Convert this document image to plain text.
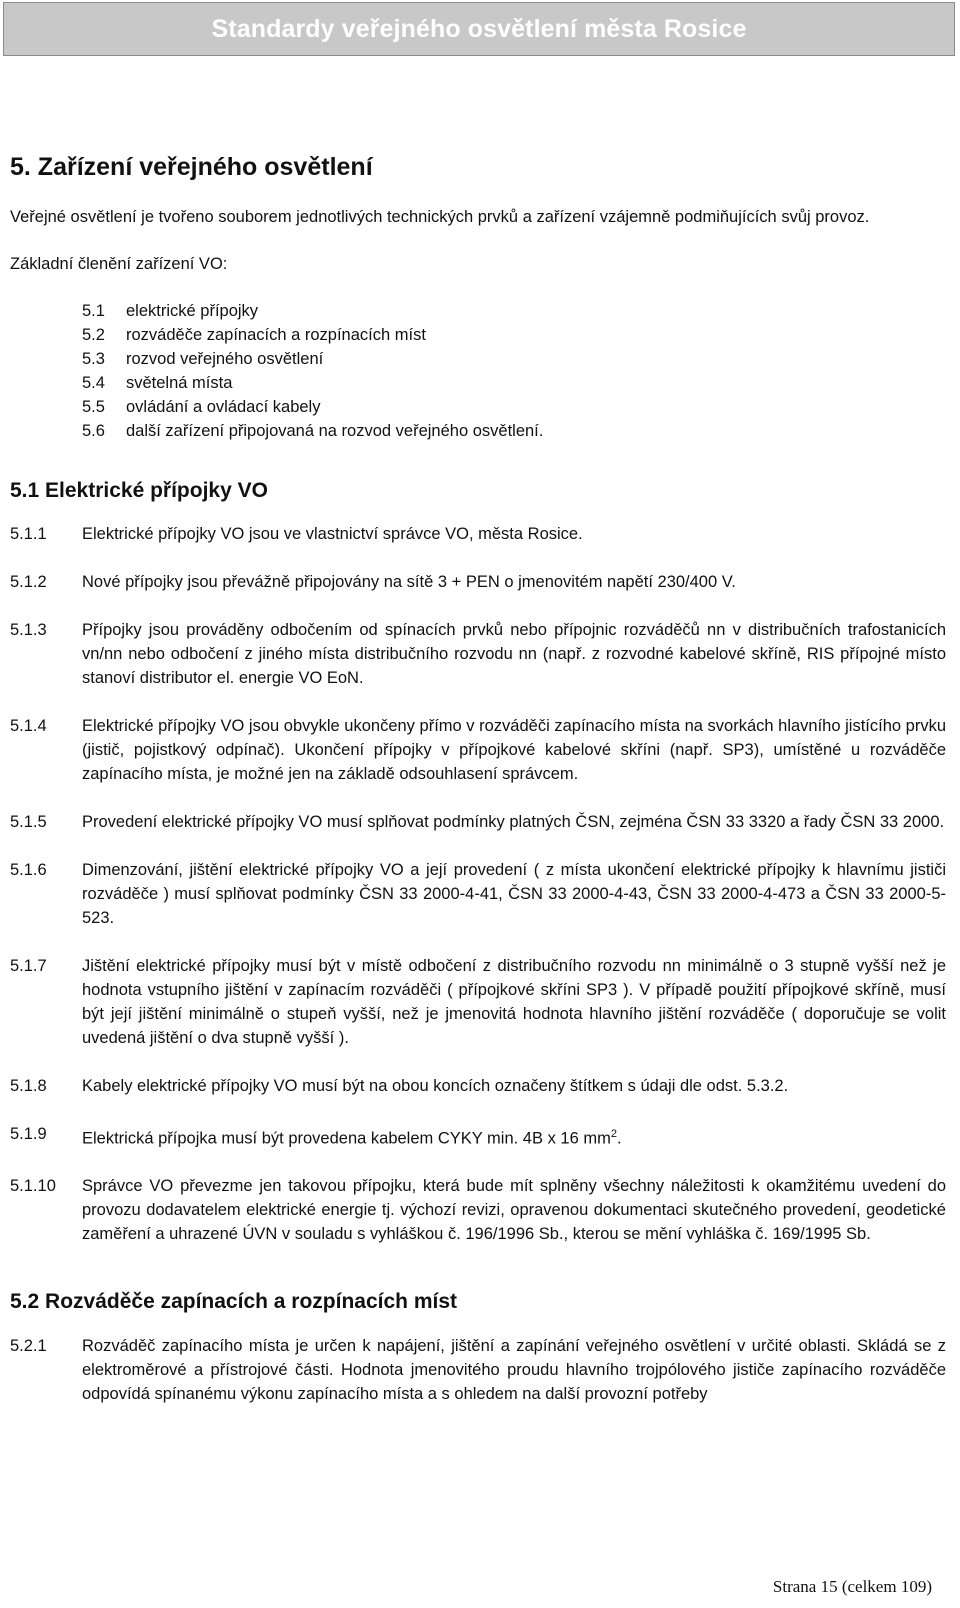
Standardy veřejného osvětlení města Rosice
5. Zařízení veřejného osvětlení

Veřejné osvětlení je tvořeno souborem jednotlivých technických prvků a zařízení vzájemně podmiňujících svůj provoz.

Základní členění zařízení VO:

5.1	elektrické přípojky
5.2	rozváděče zapínacích a rozpínacích míst
5.3	rozvod veřejného osvětlení
5.4	světelná místa
5.5	ovládání a ovládací kabely
5.6	další zařízení připojovaná na rozvod veřejného osvětlení.
5.1 Elektrické přípojky VO
5.1.1	Elektrické přípojky VO jsou ve vlastnictví správce VO, města Rosice.
5.1.2	Nové přípojky jsou převážně připojovány na sítě 3 + PEN o jmenovitém napětí 230/400 V.
5.1.3	Přípojky jsou prováděny odbočením od spínacích prvků nebo přípojnic rozváděčů nn v distribučních trafostanicích vn/nn nebo odbočení z jiného místa distribučního rozvodu nn (např. z rozvodné kabelové skříně, RIS přípojné místo stanoví distributor el. energie VO EoN.
5.1.4	Elektrické přípojky VO jsou obvykle ukončeny přímo v rozváděči zapínacího místa na svorkách hlavního jistícího prvku (jistič, pojistkový odpínač). Ukončení přípojky v přípojkové kabelové skříni (např. SP3), umístěné u rozváděče zapínacího místa, je možné jen na základě odsouhlasení správcem.
5.1.5	Provedení elektrické přípojky VO musí splňovat podmínky platných ČSN, zejména ČSN 33 3320 a řady ČSN 33 2000.
5.1.6	Dimenzování, jištění elektrické přípojky VO a její provedení ( z místa ukončení elektrické přípojky k hlavnímu jističi rozváděče ) musí splňovat podmínky ČSN 33 2000-4-41, ČSN 33 2000-4-43, ČSN 33 2000-4-473 a ČSN 33 2000-5-523.
5.1.7	Jištění elektrické přípojky musí být v místě odbočení z distribučního rozvodu nn minimálně o 3 stupně vyšší než je hodnota vstupního jištění v zapínacím rozváděči ( přípojkové skříni SP3 ). V případě použití přípojkové skříně, musí být její jištění minimálně o stupeň vyšší, než je jmenovitá hodnota hlavního jištění rozváděče ( doporučuje se volit uvedená jištění o dva stupně vyšší ).
5.1.8	Kabely elektrické přípojky VO musí být na obou koncích označeny štítkem s údaji dle odst. 5.3.2.
5.1.9	Elektrická přípojka musí být provedena kabelem CYKY min. 4B x 16 $mm^2$.
5.1.10	Správce VO převezme jen takovou přípojku, která bude mít splněny všechny náležitosti k okamžitému uvedení do provozu dodavatelem elektrické energie tj. výchozí revizi, opravenou dokumentaci skutečného provedení, geodetické zaměření a uhrazené ÚVN v souladu s vyhláškou č. 196/1996 Sb., kterou se mění vyhláška č. 169/1995 Sb.
5.2 Rozváděče zapínacích a rozpínacích míst
5.2.1	Rozváděč zapínacího místa je určen k napájení, jištění a zapínání veřejného osvětlení v určité oblasti. Skládá se z elektroměrové a přístrojové části. Hodnota jmenovitého proudu hlavního trojpólového jističe zapínacího rozváděče odpovídá spínanému výkonu zapínacího místa a s ohledem na další provozní potřeby
Strana 15 (celkem 109)
